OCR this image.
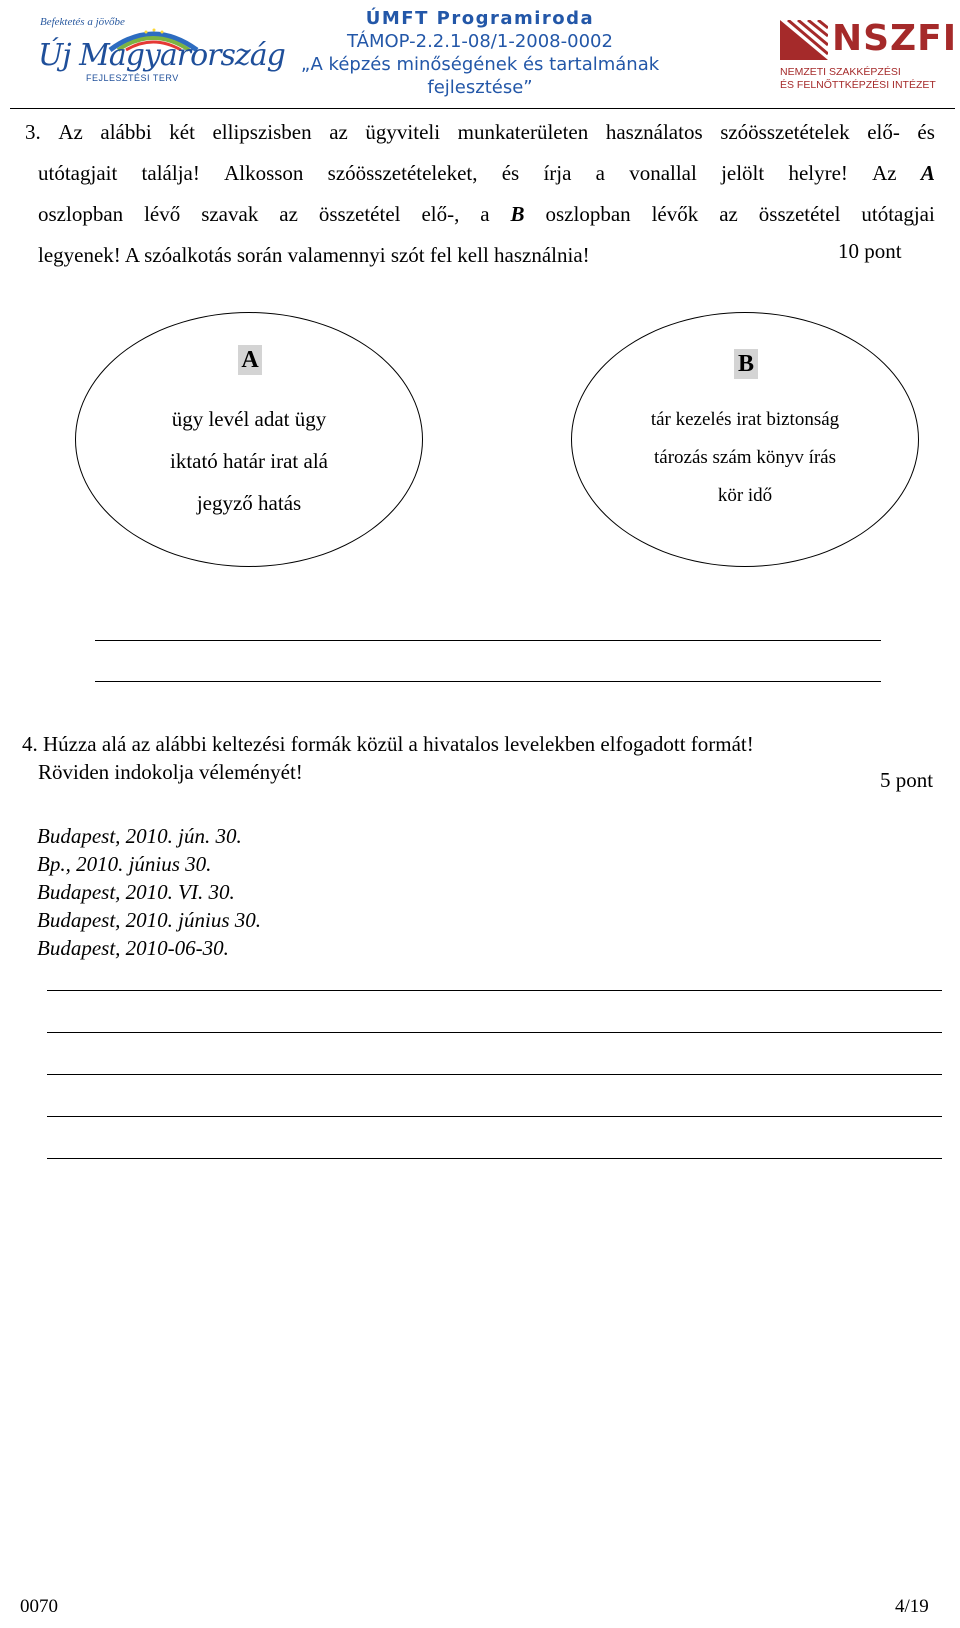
Befektetés a jövőbe
Új Magyarország
FEJLESZTÉSI TERV
ÚMFT Programiroda
TÁMOP-2.2.1-08/1-2008-0002
„A képzés minőségének és tartalmának
fejlesztése”
NSZFI
NEMZETI SZAKKÉPZÉSI
ÉS FELNŐTTKÉPZÉSI INTÉZET
3. Az alábbi két ellipszisben az ügyviteli munkaterületen használatos szóösszetételek elő- és
utótagjait találja! Alkosson szóösszetételeket, és írja a vonallal jelölt helyre! Az A
oszlopban lévő szavak az összetétel elő-, a B oszlopban lévők az összetétel utótagjai
legyenek! A szóalkotás során valamennyi szót fel kell használnia!	10 pont
A
ügy levél adat ügy
iktató határ irat alá
jegyző hatás
B
tár kezelés irat biztonság
tározás szám könyv írás
kör idő
4. Húzza alá az alábbi keltezési formák közül a hivatalos levelekben elfogadott formát!
Röviden indokolja véleményét!	5 pont
Budapest, 2010. jún. 30.
Bp., 2010. június 30.
Budapest, 2010. VI. 30.
Budapest, 2010. június 30.
Budapest, 2010-06-30.
0070	4/19
